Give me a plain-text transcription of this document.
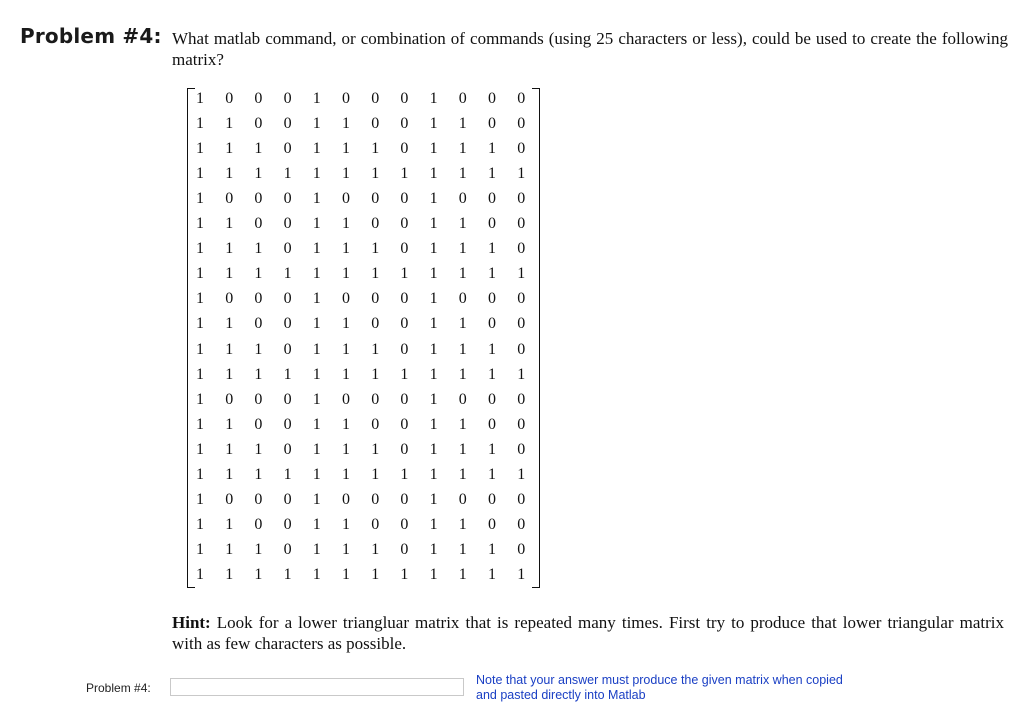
Problem #4: What matlab command, or combination of commands (using 25 characters or less), could be used to create the following matrix?
1	0	0	0	1	0	0	0	1	0	0	0
1	1	0	0	1	1	0	0	1	1	0	0
1	1	1	0	1	1	1	0	1	1	1	0
1	1	1	1	1	1	1	1	1	1	1	1
1	0	0	0	1	0	0	0	1	0	0	0
1	1	0	0	1	1	0	0	1	1	0	0
1	1	1	0	1	1	1	0	1	1	1	0
1	1	1	1	1	1	1	1	1	1	1	1
1	0	0	0	1	0	0	0	1	0	0	0
1	1	0	0	1	1	0	0	1	1	0	0
1	1	1	0	1	1	1	0	1	1	1	0
1	1	1	1	1	1	1	1	1	1	1	1
1	0	0	0	1	0	0	0	1	0	0	0
1	1	0	0	1	1	0	0	1	1	0	0
1	1	1	0	1	1	1	0	1	1	1	0
1	1	1	1	1	1	1	1	1	1	1	1
1	0	0	0	1	0	0	0	1	0	0	0
1	1	0	0	1	1	0	0	1	1	0	0
1	1	1	0	1	1	1	0	1	1	1	0
1	1	1	1	1	1	1	1	1	1	1	1
Hint: Look for a lower triangluar matrix that is repeated many times. First try to produce that lower triangular matrix with as few characters as possible.
Problem #4:
Note that your answer must produce the given matrix when copied and pasted directly into Matlab
